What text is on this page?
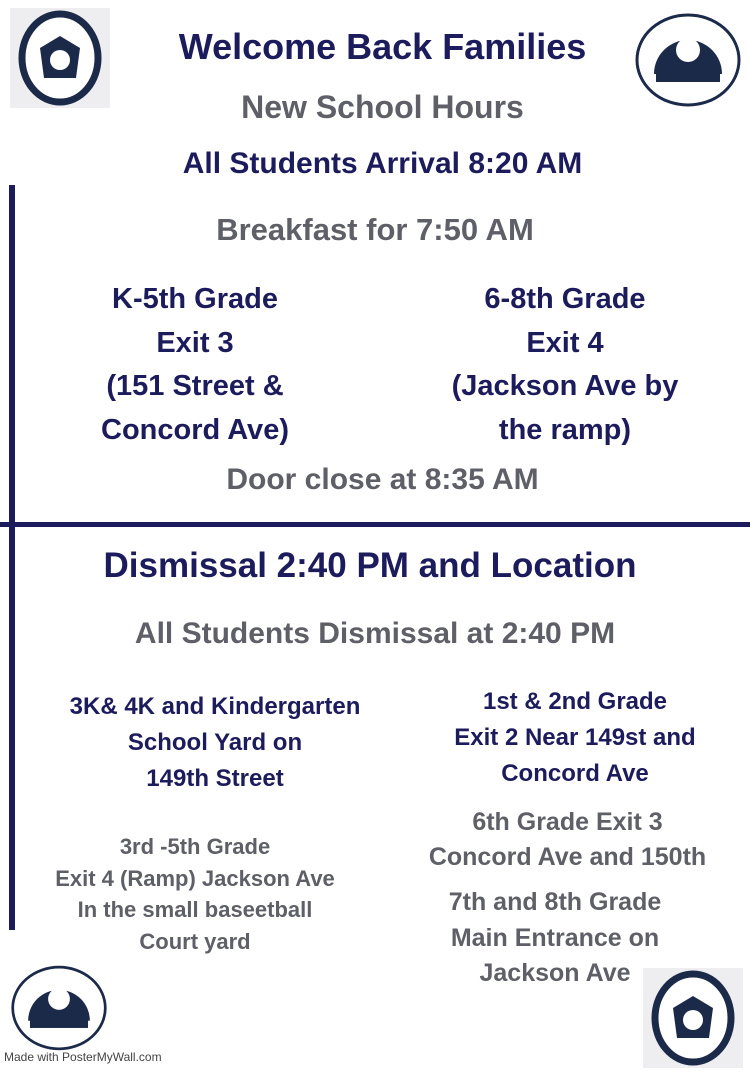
Welcome Back Families
New School Hours
All Students Arrival 8:20 AM
Breakfast for 7:50 AM
K-5th Grade
Exit 3
(151 Street &
Concord Ave)
6-8th Grade
Exit 4
(Jackson Ave by
the ramp)
Door close at 8:35 AM
Dismissal 2:40 PM and Location
All Students Dismissal at 2:40 PM
3K& 4K and Kindergarten
School Yard on
149th Street
1st & 2nd Grade
Exit 2 Near 149st and
Concord Ave
3rd -5th Grade
Exit 4 (Ramp) Jackson Ave
In the small baseetball
Court yard
6th Grade Exit 3
Concord Ave and 150th
7th and 8th Grade
Main Entrance on
Jackson Ave
Made with PosterMyWall.com
